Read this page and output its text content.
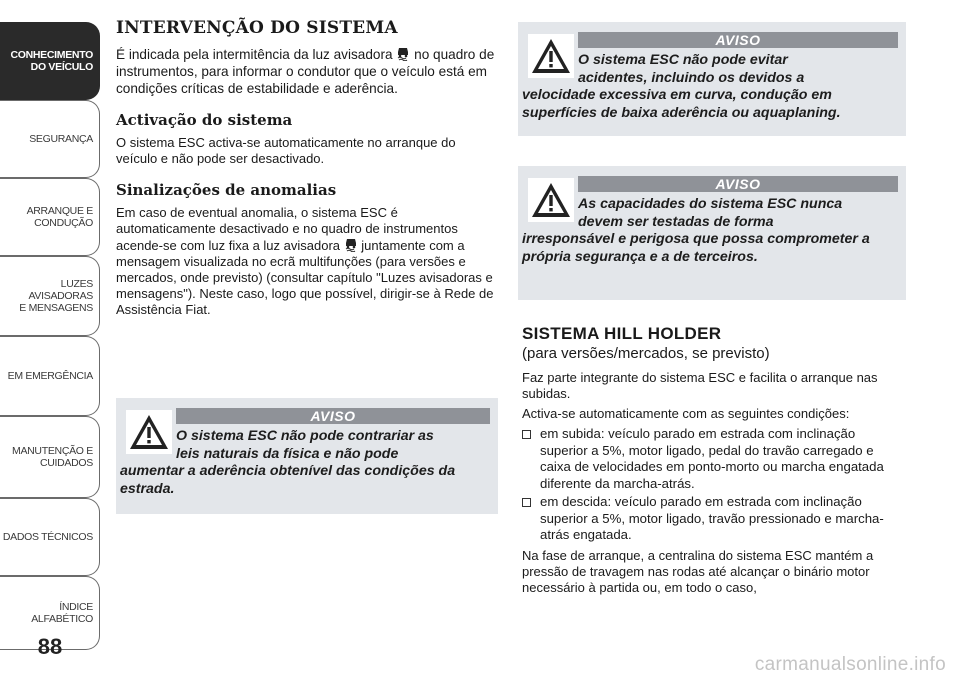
CONHECIMENTO
DO VEÍCULO
SEGURANÇA
ARRANQUE E
CONDUÇÃO
LUZES AVISADORAS
E MENSAGENS
EM EMERGÊNCIA
MANUTENÇÃO E
CUIDADOS
DADOS TÉCNICOS
ÍNDICE ALFABÉTICO
88
INTERVENÇÃO DO SISTEMA

É indicada pela intermitência da luz avisadora no quadro de instrumentos, para informar o condutor que o veículo está em condições críticas de estabilidade e aderência.

Activação do sistema

O sistema ESC activa-se automaticamente no arranque do veículo e não pode ser desactivado.

Sinalizações de anomalias

Em caso de eventual anomalia, o sistema ESC é automaticamente desactivado e no quadro de instrumentos acende-se com luz fixa a luz avisadora juntamente com a mensagem visualizada no ecrã multifunções (para versões e mercados, onde previsto) (consultar capítulo "Luzes avisadoras e mensagens"). Neste caso, logo que possível, dirigir-se à Rede de Assistência Fiat.

AVISO
O sistema ESC não pode contrariar as
leis naturais da física e não pode
aumentar a aderência obtenível das condições da estrada.
AVISO
O sistema ESC não pode evitar
acidentes, incluindo os devidos a
velocidade excessiva em curva, condução em superfícies de baixa aderência ou aquaplaning.
AVISO
As capacidades do sistema ESC nunca
devem ser testadas de forma
irresponsável e perigosa que possa comprometer a própria segurança e a de terceiros.
SISTEMA HILL HOLDER
(para versões/mercados, se previsto)

Faz parte integrante do sistema ESC e facilita o arranque nas subidas.

Activa-se automaticamente com as seguintes condições:

em subida: veículo parado em estrada com inclinação superior a 5%, motor ligado, pedal do travão carregado e caixa de velocidades em ponto-morto ou marcha engatada diferente da marcha-atrás.
em descida: veículo parado em estrada com inclinação superior a 5%, motor ligado, travão pressionado e marcha-atrás engatada.

Na fase de arranque, a centralina do sistema ESC mantém a pressão de travagem nas rodas até alcançar o binário motor necessário à partida ou, em todo o caso,

carmanualsonline.info
